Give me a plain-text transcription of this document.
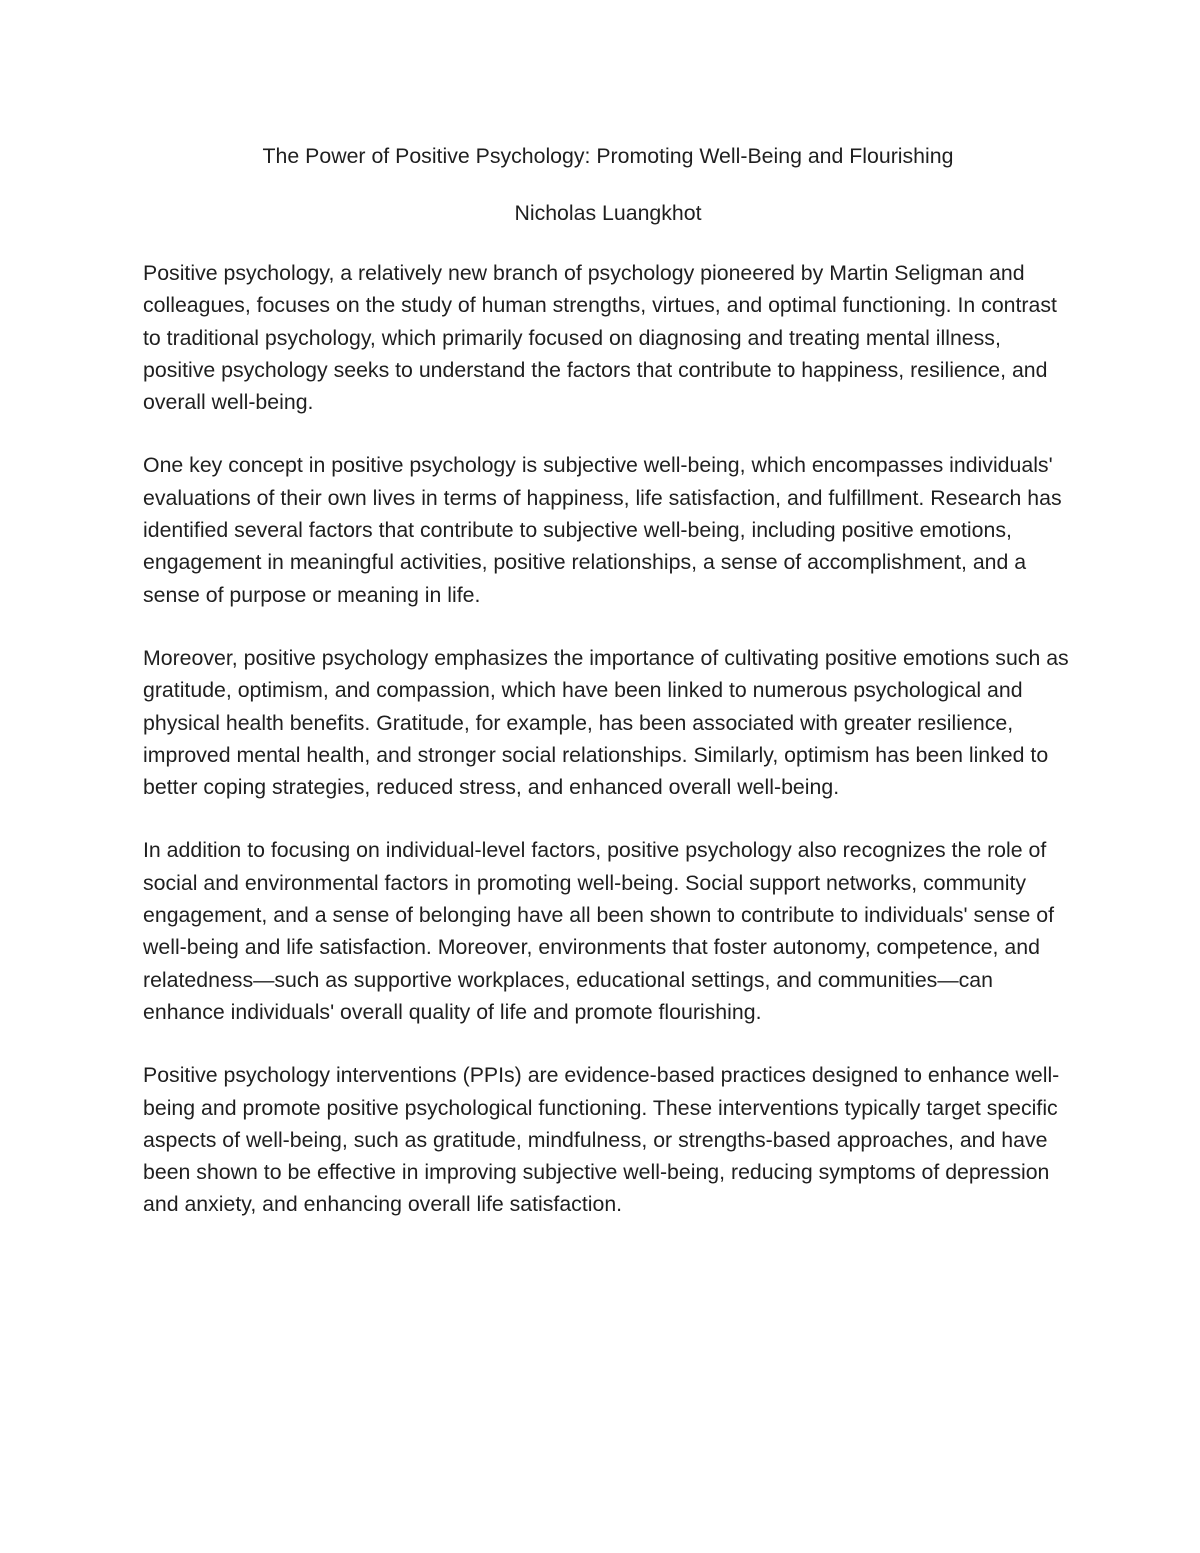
The Power of Positive Psychology: Promoting Well-Being and Flourishing
Nicholas Luangkhot

Positive psychology, a relatively new branch of psychology pioneered by Martin Seligman and colleagues, focuses on the study of human strengths, virtues, and optimal functioning. In contrast to traditional psychology, which primarily focused on diagnosing and treating mental illness, positive psychology seeks to understand the factors that contribute to happiness, resilience, and overall well-being.

One key concept in positive psychology is subjective well-being, which encompasses individuals' evaluations of their own lives in terms of happiness, life satisfaction, and fulfillment. Research has identified several factors that contribute to subjective well-being, including positive emotions, engagement in meaningful activities, positive relationships, a sense of accomplishment, and a sense of purpose or meaning in life.

Moreover, positive psychology emphasizes the importance of cultivating positive emotions such as gratitude, optimism, and compassion, which have been linked to numerous psychological and physical health benefits. Gratitude, for example, has been associated with greater resilience, improved mental health, and stronger social relationships. Similarly, optimism has been linked to better coping strategies, reduced stress, and enhanced overall well-being.

In addition to focusing on individual-level factors, positive psychology also recognizes the role of social and environmental factors in promoting well-being. Social support networks, community engagement, and a sense of belonging have all been shown to contribute to individuals' sense of well-being and life satisfaction. Moreover, environments that foster autonomy, competence, and relatedness—such as supportive workplaces, educational settings, and communities—can enhance individuals' overall quality of life and promote flourishing.

Positive psychology interventions (PPIs) are evidence-based practices designed to enhance well-being and promote positive psychological functioning. These interventions typically target specific aspects of well-being, such as gratitude, mindfulness, or strengths-based approaches, and have been shown to be effective in improving subjective well-being, reducing symptoms of depression and anxiety, and enhancing overall life satisfaction.
